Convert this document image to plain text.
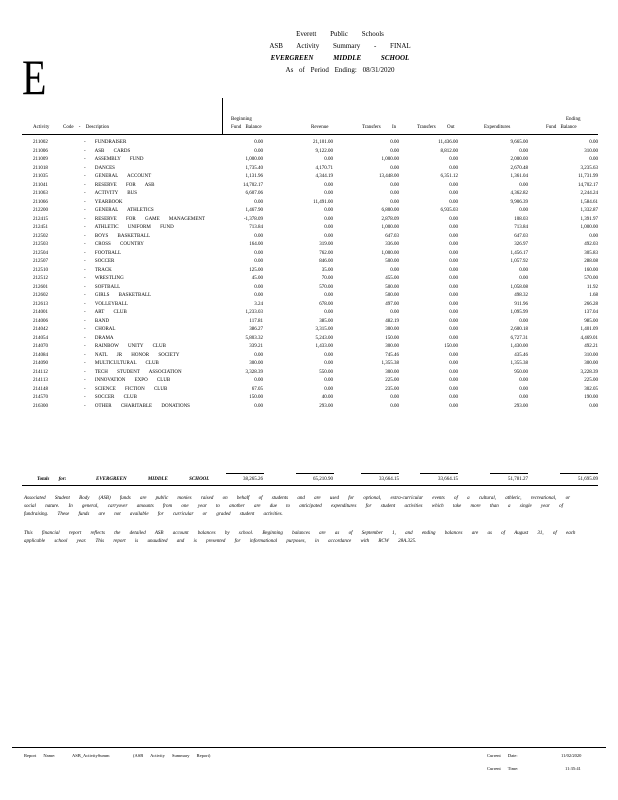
E
Everett Public Schools
ASB Activity Summary - FINAL
EVERGREEN MIDDLE SCHOOL
As of Period Ending: 08/31/2020
Activity	Code - Description
Beginning
Fund Balance	Revenue	Transfers In	Transfers Out	Expenditures
Ending
Fund Balance
211002	- FUNDRAISER	0.00	21,101.00	0.00	11,436.00	9,665.00	0.00
211006	- ASB CARDS	0.00	9,122.00	0.00	8,812.00	0.00	310.00
211009	- ASSEMBLY FUND	1,000.00	0.00	1,000.00	0.00	2,000.00	0.00
211018	- DANCES	1,735.40	4,170.71	0.00	0.00	2,670.48	3,235.63
211035	- GENERAL ACCOUNT	1,131.96	4,344.19	13,448.00	6,351.12	1,361.04	11,731.99
211041	- RESERVE FOR ASB	14,702.17	0.00	0.00	0.00	0.00	14,702.17
211063	- ACTIVITY BUS	6,607.06	0.00	0.00	0.00	4,362.82	2,244.24
211066	- YEARBOOK	0.00	11,491.00	0.00	0.00	9,906.39	1,584.61
212200	- GENERAL ATHLETICS	1,467.90	0.00	6,800.00	6,935.03	0.00	1,332.87
212415	- RESERVE FOR GAME MANAGEMENT	-1,378.09	0.00	2,878.09	0.00	108.03	1,391.97
212451	- ATHLETIC UNIFORM FUND	713.84	0.00	1,000.00	0.00	713.84	1,000.00
212502	- BOYS BASKETBALL	0.00	0.00	647.03	0.00	647.03	0.00
212503	- CROSS COUNTRY	164.00	319.00	336.00	0.00	326.97	492.03
212504	- FOOTBALL	0.00	762.00	1,000.00	0.00	1,456.17	305.83
212507	- SOCCER	0.00	846.00	500.00	0.00	1,057.92	288.08
212510	- TRACK	125.00	35.00	0.00	0.00	0.00	160.00
212512	- WRESTLING	45.00	70.00	455.00	0.00	0.00	570.00
212601	- SOFTBALL	0.00	570.00	500.00	0.00	1,058.08	11.92
212602	- GIRLS BASKETBALL	0.00	0.00	500.00	0.00	498.32	1.68
212613	- VOLLEYBALL	3.24	678.00	497.00	0.00	911.96	266.28
214001	- ART CLUB	1,233.03	0.00	0.00	0.00	1,095.99	137.04
214006	- BAND	117.81	385.00	482.19	0.00	0.00	985.00
214042	- CHORAL	386.27	3,315.00	300.00	0.00	2,600.18	1,401.09
214054	- DRAMA	5,803.32	5,243.00	150.00	0.00	6,727.31	4,469.01
214070	- RAINBOW UNITY CLUB	339.21	1,433.00	300.00	150.00	1,430.00	492.21
214084	- NATL JR HONOR SOCIETY	0.00	0.00	745.46	0.00	435.46	310.00
214090	- MULTICULTURAL CLUB	300.00	0.00	1,355.38	0.00	1,355.38	300.00
214112	- TECH STUDENT ASSOCIATION	3,328.39	550.00	300.00	0.00	950.00	3,228.39
214113	- INNOVATION EXPO CLUB	0.00	0.00	225.00	0.00	0.00	225.00
214148	- SCIENCE FICTION CLUB	67.05	0.00	235.00	0.00	0.00	302.05
214570	- SOCCER CLUB	150.00	40.00	0.00	0.00	0.00	190.00
216300	- OTHER CHARITABLE DONATIONS	0.00	293.00	0.00	0.00	293.00	0.00
Totals for:	EVERGREEN MIDDLE SCHOOL	38,265.26	65,210.90	33,664.15	33,664.15	51,781.27	51,695.09
Associated Student Body (ASB) funds are public monies raised on behalf of students and are used for optional, extra-curricular events of a cultural, athletic, recreational, or social nature. In general, carryover amounts from one year to another are due to anticipated expenditures for student activities which take more than a single year of fundraising. These funds are not available for curricular or graded student activities.
This financial report reflects the detailed ASB account balances by school. Beginning balances are as of September 1, and ending balances are as of August 31, of each applicable school year. This report is unaudited and is presented for informational purposes, in accordance with RCW 28A.325.
Report Name:	ASB_ActivitySumm	(ASB Activity Summary Report)	Current Date:	11/02/2020
Current Time:	11:35:41
